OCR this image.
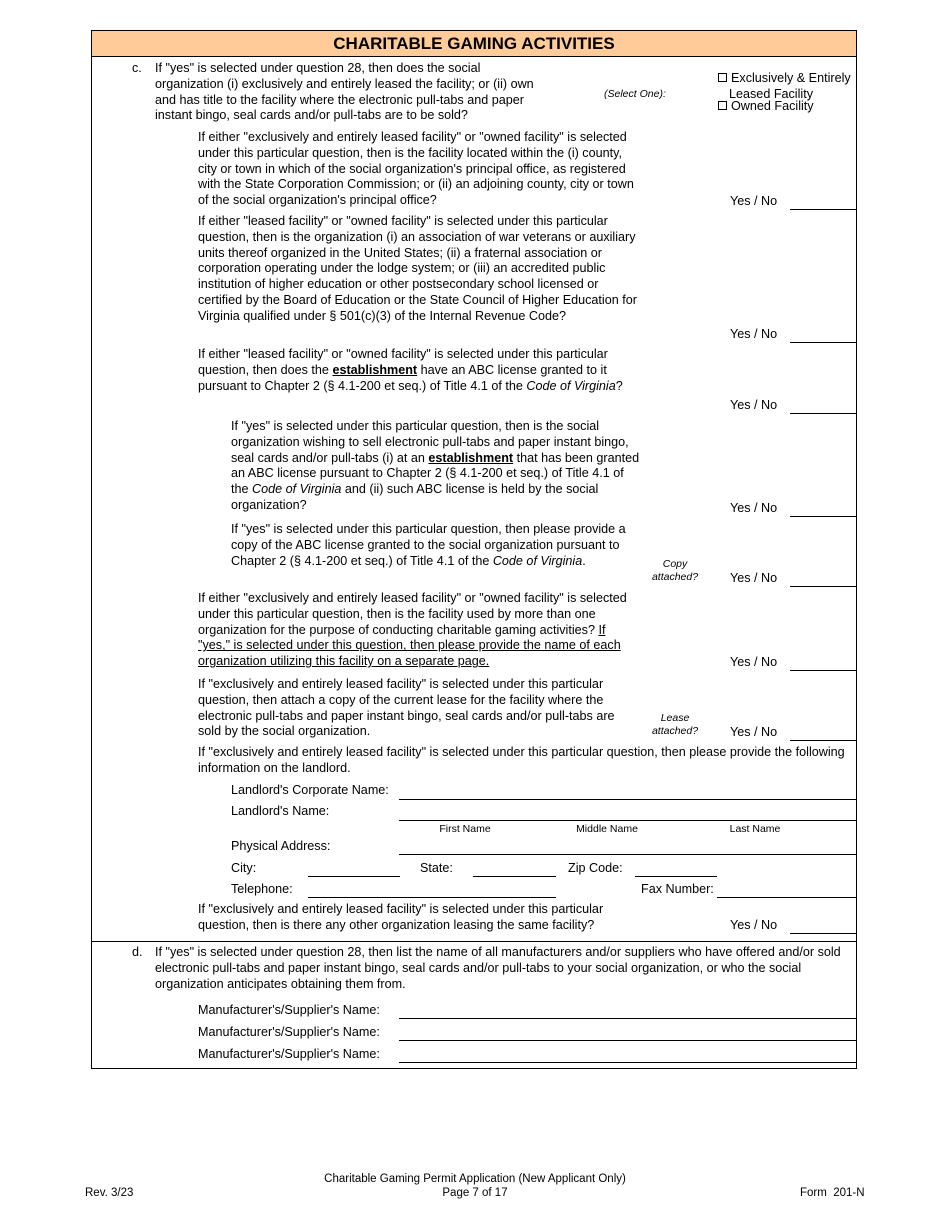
CHARITABLE GAMING ACTIVITIES
c. If "yes" is selected under question 28, then does the social organization (i) exclusively and entirely leased the facility; or (ii) own and has title to the facility where the electronic pull-tabs and paper instant bingo, seal cards and/or pull-tabs are to be sold?
(Select One):
Exclusively & Entirely
Leased Facility
Owned Facility
If either "exclusively and entirely leased facility" or "owned facility" is selected under this particular question, then is the facility located within the (i) county, city or town in which of the social organization's principal office, as registered with the State Corporation Commission; or (ii) an adjoining county, city or town of the social organization's principal office?	Yes / No
If either "leased facility" or "owned facility" is selected under this particular question, then is the organization (i) an association of war veterans or auxiliary units thereof organized in the United States; (ii) a fraternal association or corporation operating under the lodge system; or (iii) an accredited public institution of higher education or other postsecondary school licensed or certified by the Board of Education or the State Council of Higher Education for Virginia qualified under § 501(c)(3) of the Internal Revenue Code?
Yes / No
If either "leased facility" or "owned facility" is selected under this particular question, then does the establishment have an ABC license granted to it pursuant to Chapter 2 (§ 4.1-200 et seq.) of Title 4.1 of the Code of Virginia?
Yes / No
If "yes" is selected under this particular question, then is the social organization wishing to sell electronic pull-tabs and paper instant bingo, seal cards and/or pull-tabs (i) at an establishment that has been granted an ABC license pursuant to Chapter 2 (§ 4.1-200 et seq.) of Title 4.1 of the Code of Virginia and (ii) such ABC license is held by the social organization?	Yes / No
If "yes" is selected under this particular question, then please provide a copy of the ABC license granted to the social organization pursuant to Chapter 2 (§ 4.1-200 et seq.) of Title 4.1 of the Code of Virginia.	Copy
attached?	Yes / No
If either "exclusively and entirely leased facility" or "owned facility" is selected under this particular question, then is the facility used by more than one organization for the purpose of conducting charitable gaming activities? If "yes," is selected under this question, then please provide the name of each organization utilizing this facility on a separate page.	Yes / No
If "exclusively and entirely leased facility" is selected under this particular question, then attach a copy of the current lease for the facility where the electronic pull-tabs and paper instant bingo, seal cards and/or pull-tabs are sold by the social organization.
Lease
attached?	Yes / No
If "exclusively and entirely leased facility" is selected under this particular question, then please provide the following information on the landlord.
Landlord's Corporate Name:
Landlord's Name:
First Name	Middle Name	Last Name
Physical Address:
City:	State:	Zip Code:
Telephone:	Fax Number:
If "exclusively and entirely leased facility" is selected under this particular question, then is there any other organization leasing the same facility?	Yes / No
d. If "yes" is selected under question 28, then list the name of all manufacturers and/or suppliers who have offered and/or sold electronic pull-tabs and paper instant bingo, seal cards and/or pull-tabs to your social organization, or who the social organization anticipates obtaining them from.
Manufacturer's/Supplier's Name:
Manufacturer's/Supplier's Name:
Manufacturer's/Supplier's Name:
Rev. 3/23
Charitable Gaming Permit Application (New Applicant Only)
Page 7 of 17	Form  201-N
